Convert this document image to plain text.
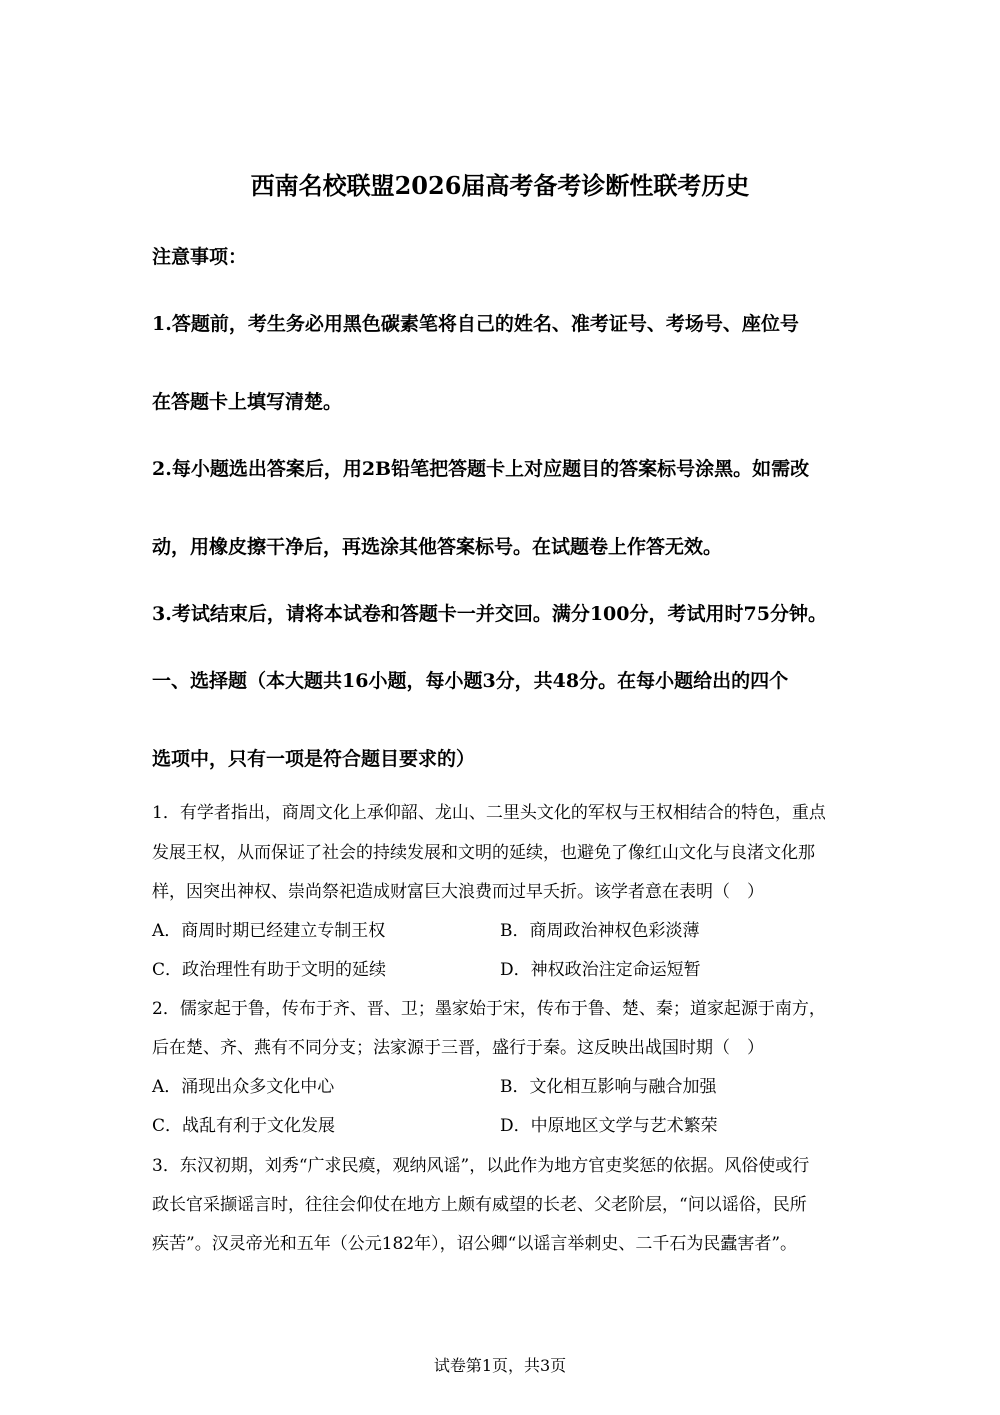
西南名校联盟2026届高考备考诊断性联考历史
注意事项：
1.答题前，考生务必用黑色碳素笔将自己的姓名、准考证号、考场号、座位号
在答题卡上填写清楚。
2.每小题选出答案后，用2B铅笔把答题卡上对应题目的答案标号涂黑。如需改
动，用橡皮擦干净后，再选涂其他答案标号。在试题卷上作答无效。
3.考试结束后，请将本试卷和答题卡一并交回。满分100分，考试用时75分钟。
一、选择题（本大题共16小题，每小题3分，共48分。在每小题给出的四个
选项中，只有一项是符合题目要求的）
1．有学者指出，商周文化上承仰韶、龙山、二里头文化的军权与王权相结合的特色，重点
发展王权，从而保证了社会的持续发展和文明的延续，也避免了像红山文化与良渚文化那
样，因突出神权、崇尚祭祀造成财富巨大浪费而过早夭折。该学者意在表明（　）
A．商周时期已经建立专制王权	B．商周政治神权色彩淡薄
C．政治理性有助于文明的延续	D．神权政治注定命运短暂
2．儒家起于鲁，传布于齐、晋、卫；墨家始于宋，传布于鲁、楚、秦；道家起源于南方，
后在楚、齐、燕有不同分支；法家源于三晋，盛行于秦。这反映出战国时期（　）
A．涌现出众多文化中心	B．文化相互影响与融合加强
C．战乱有利于文化发展	D．中原地区文学与艺术繁荣
3．东汉初期，刘秀“广求民瘼，观纳风谣”，以此作为地方官吏奖惩的依据。风俗使或行
政长官采撷谣言时，往往会仰仗在地方上颇有威望的长老、父老阶层，“问以谣俗，民所
疾苦”。汉灵帝光和五年（公元182年），诏公卿“以谣言举刺史、二千石为民蠹害者”。
试卷第1页，共3页
